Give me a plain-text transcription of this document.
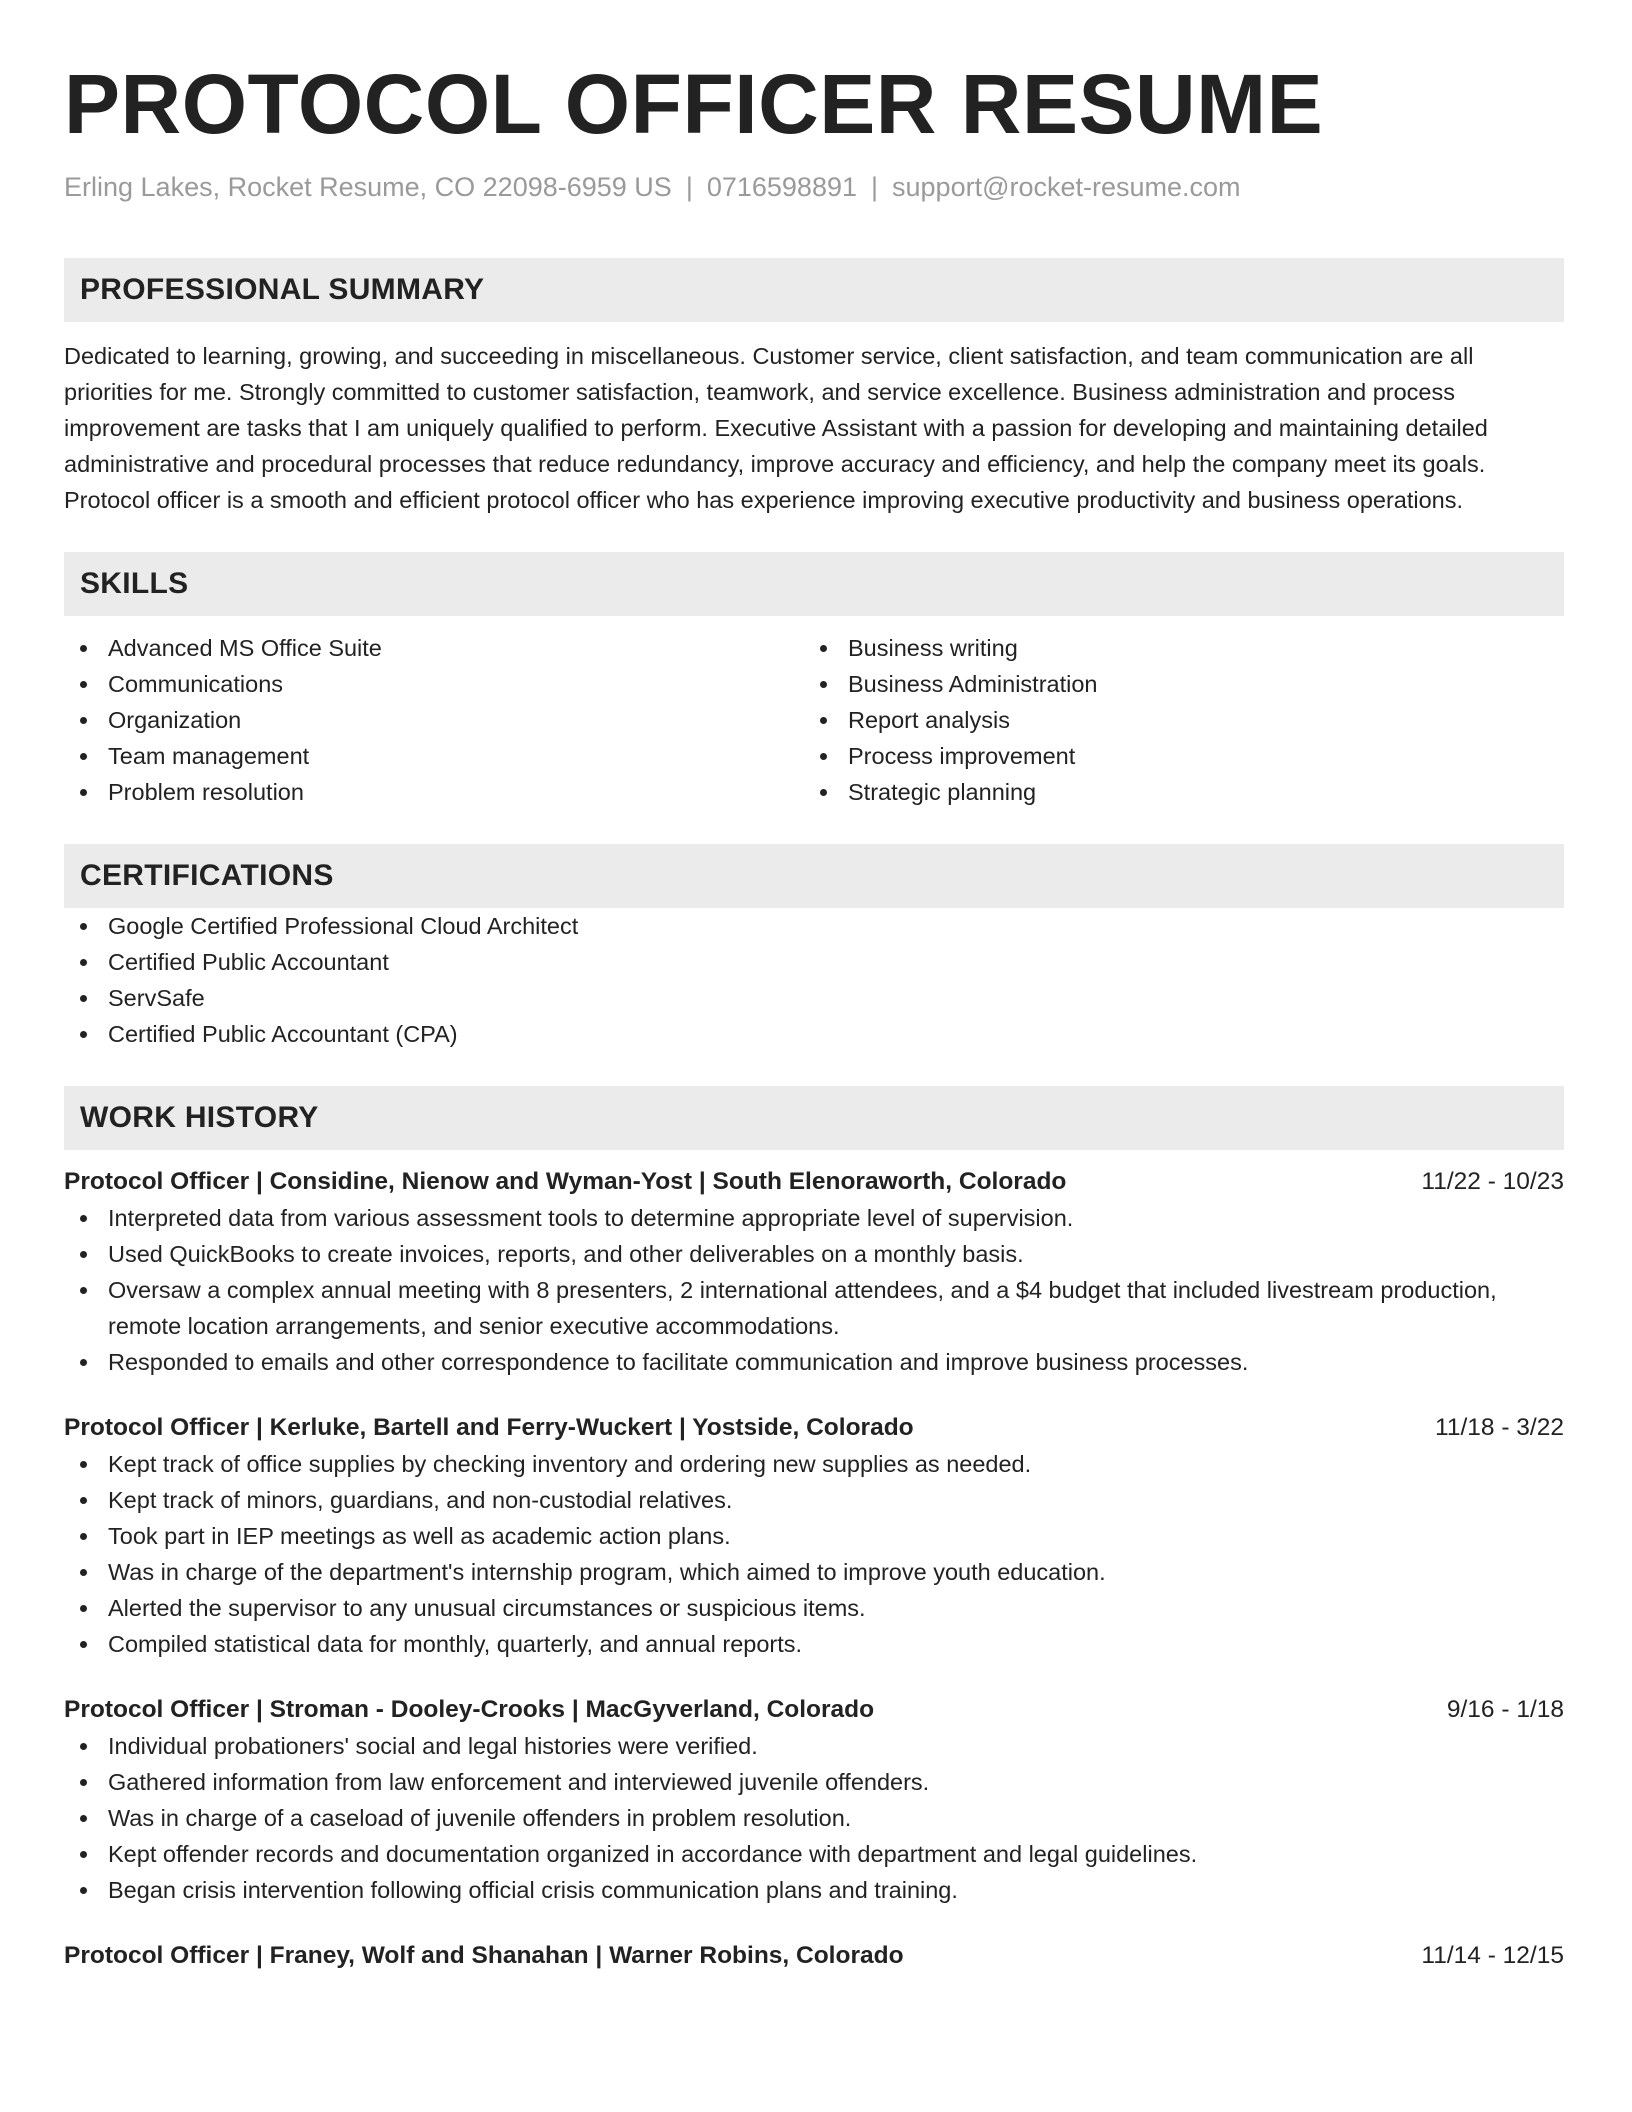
PROTOCOL OFFICER RESUME
Erling Lakes, Rocket Resume, CO 22098-6959 US | 0716598891 | support@rocket-resume.com
PROFESSIONAL SUMMARY

Dedicated to learning, growing, and succeeding in miscellaneous. Customer service, client satisfaction, and team communication are all priorities for me. Strongly committed to customer satisfaction, teamwork, and service excellence. Business administration and process improvement are tasks that I am uniquely qualified to perform. Executive Assistant with a passion for developing and maintaining detailed administrative and procedural processes that reduce redundancy, improve accuracy and efficiency, and help the company meet its goals. Protocol officer is a smooth and efficient protocol officer who has experience improving executive productivity and business operations.

SKILLS
Advanced MS Office Suite
Communications
Organization
Team management
Problem resolution
Business writing
Business Administration
Report analysis
Process improvement
Strategic planning
CERTIFICATIONS
Google Certified Professional Cloud Architect
Certified Public Accountant
ServSafe
Certified Public Accountant (CPA)
WORK HISTORY
Protocol Officer | Considine, Nienow and Wyman-Yost | South Elenoraworth, Colorado	11/22 - 10/23
Interpreted data from various assessment tools to determine appropriate level of supervision.
Used QuickBooks to create invoices, reports, and other deliverables on a monthly basis.
Oversaw a complex annual meeting with 8 presenters, 2 international attendees, and a $4 budget that included livestream production, remote location arrangements, and senior executive accommodations.
Responded to emails and other correspondence to facilitate communication and improve business processes.
Protocol Officer | Kerluke, Bartell and Ferry-Wuckert | Yostside, Colorado	11/18 - 3/22
Kept track of office supplies by checking inventory and ordering new supplies as needed.
Kept track of minors, guardians, and non-custodial relatives.
Took part in IEP meetings as well as academic action plans.
Was in charge of the department's internship program, which aimed to improve youth education.
Alerted the supervisor to any unusual circumstances or suspicious items.
Compiled statistical data for monthly, quarterly, and annual reports.
Protocol Officer | Stroman - Dooley-Crooks | MacGyverland, Colorado	9/16 - 1/18
Individual probationers' social and legal histories were verified.
Gathered information from law enforcement and interviewed juvenile offenders.
Was in charge of a caseload of juvenile offenders in problem resolution.
Kept offender records and documentation organized in accordance with department and legal guidelines.
Began crisis intervention following official crisis communication plans and training.
Protocol Officer | Franey, Wolf and Shanahan | Warner Robins, Colorado	11/14 - 12/15
